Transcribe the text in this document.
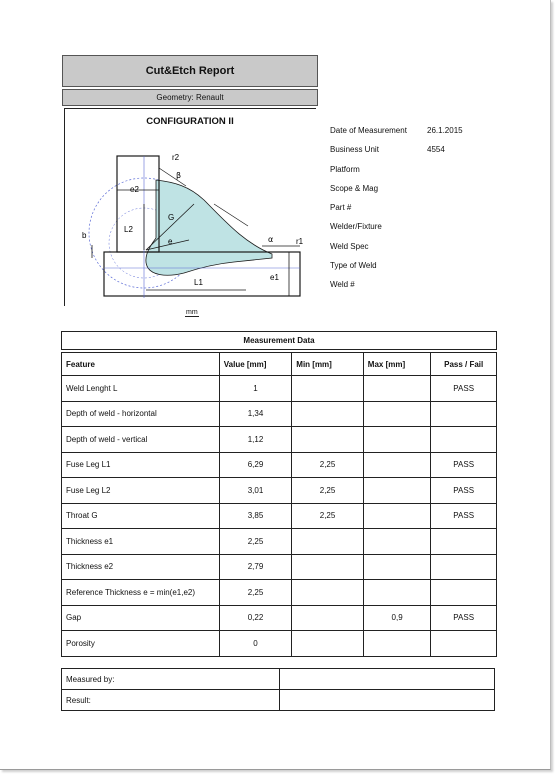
Cut&Etch Report
Geometry: Renault
CONFIGURATION II
r2
β
e2
G
L2
e
b	α	r1
L1
e1
mm
Date of Measurement	26.1.2015
Business Unit	4554
Platform
Scope & Mag
Part #
Welder/Fixture
Weld Spec
Type of Weld
Weld #
Measurement Data				

Feature	Value [mm]	Min [mm]	Max [mm]	Pass / Fail
Weld Lenght L	1			PASS
Depth of weld - horizontal	1,34			
Depth of weld - vertical	1,12			
Fuse Leg L1	6,29	2,25		PASS
Fuse Leg L2	3,01	2,25		PASS
Throat G	3,85	2,25		PASS
Thickness e1	2,25			
Thickness e2	2,79			
Reference Thickness e = min(e1,e2)	2,25			
Gap	0,22		0,9	PASS
Porosity	0			
Measured by:	
Result:	
